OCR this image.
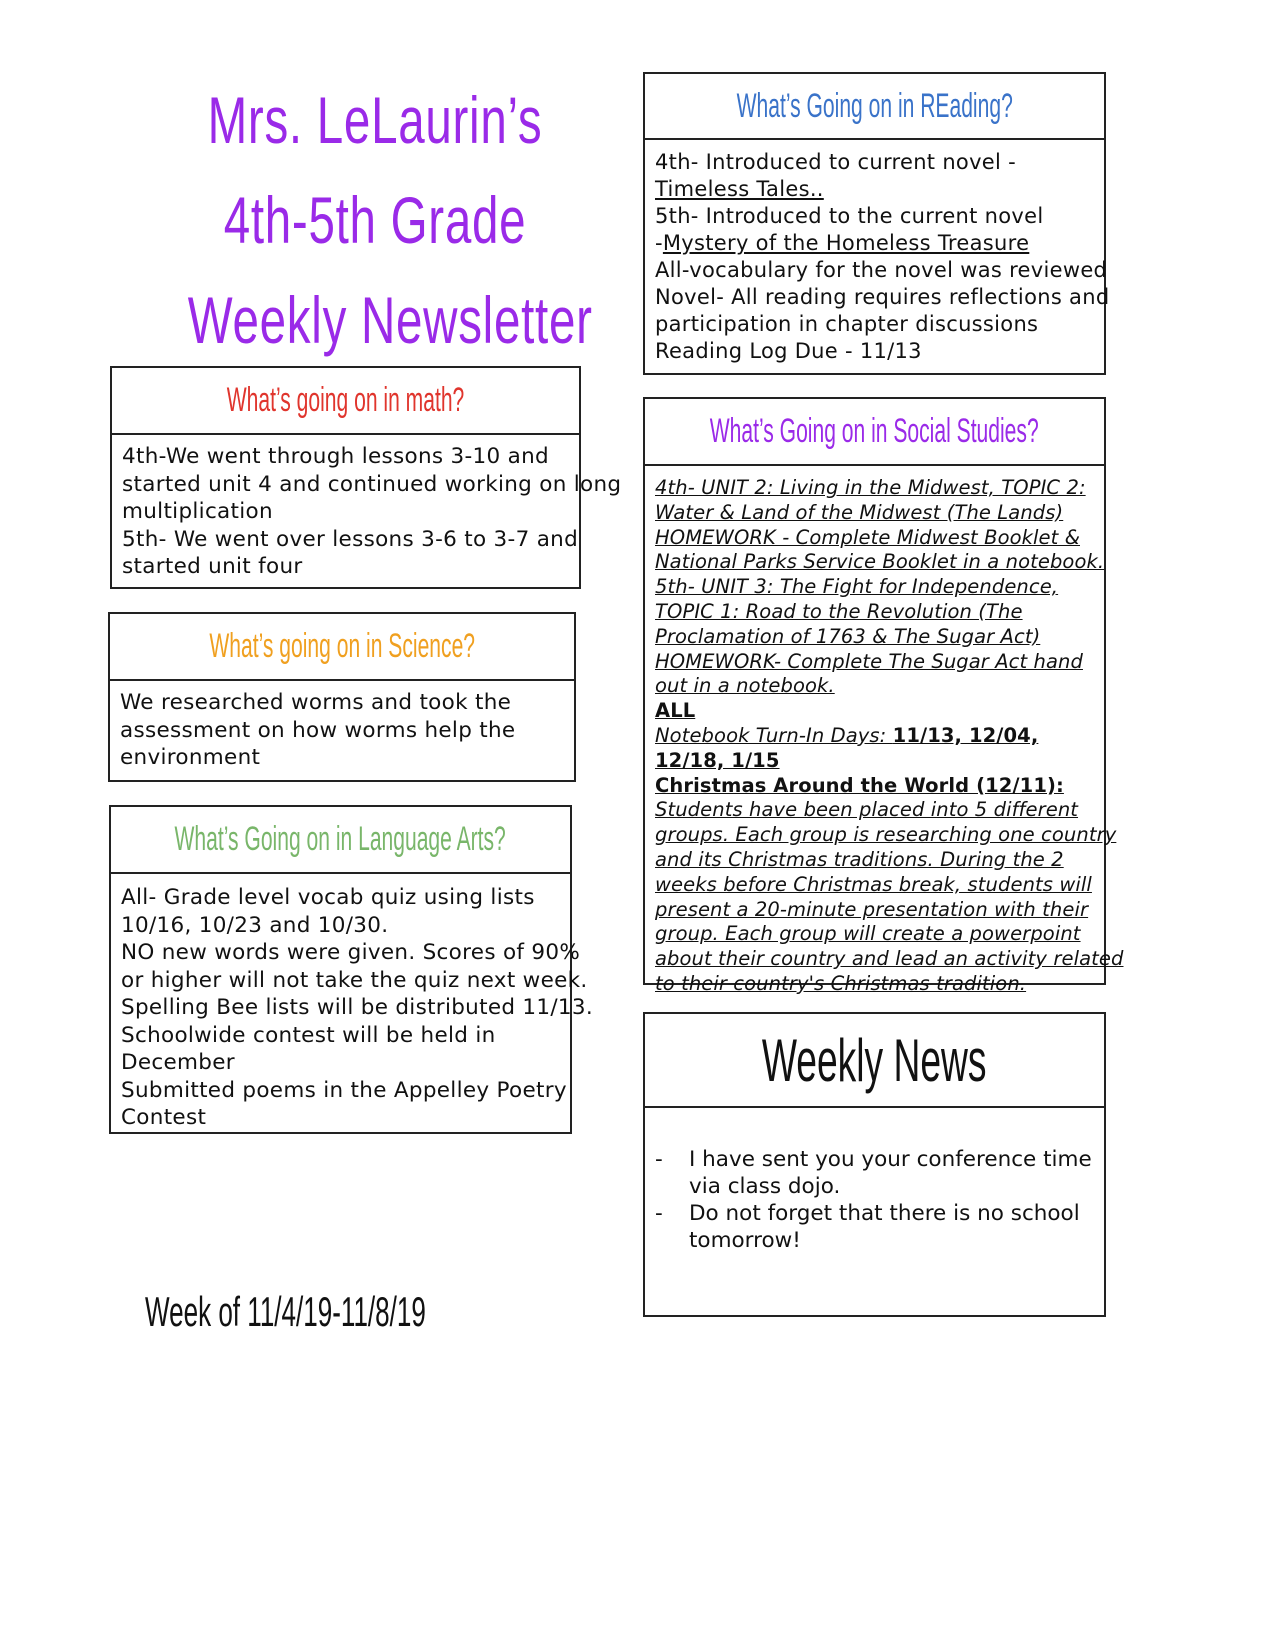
Mrs. LeLaurin’s
4th-5th Grade
Weekly Newsletter
What’s going on in math?
4th-We went through lessons 3-10 and
started unit 4 and continued working on long
multiplication
5th- We went over lessons 3-6 to 3-7 and
started unit four
What’s going on in Science?
We researched worms and took the
assessment on how worms help the
environment
What’s Going on in Language Arts?
All- Grade level vocab quiz using lists
10/16, 10/23 and 10/30.
NO new words were given. Scores of 90%
or higher will not take the quiz next week.
Spelling Bee lists will be distributed 11/13.
Schoolwide contest will be held in
December
Submitted poems in the Appelley Poetry
Contest
What’s Going on in REading?
4th- Introduced to current novel -
Timeless Tales..
5th- Introduced to the current novel
-Mystery of the Homeless Treasure
All-vocabulary for the novel was reviewed
Novel- All reading requires reflections and
participation in chapter discussions
Reading Log Due - 11/13
What’s Going on in Social Studies?
4th- UNIT 2: Living in the Midwest, TOPIC 2:
Water & Land of the Midwest (The Lands)
HOMEWORK - Complete Midwest Booklet &
National Parks Service Booklet in a notebook.
5th- UNIT 3: The Fight for Independence,
TOPIC 1: Road to the Revolution (The
Proclamation of 1763 & The Sugar Act)
HOMEWORK- Complete The Sugar Act hand
out in a notebook.
ALL
Notebook Turn-In Days: 11/13, 12/04,
12/18, 1/15
Christmas Around the World (12/11):
Students have been placed into 5 different
groups. Each group is researching one country
and its Christmas traditions. During the 2
weeks before Christmas break, students will
present a 20-minute presentation with their
group. Each group will create a powerpoint
about their country and lead an activity related
to their country's Christmas tradition.
Weekly News
-	I have sent you your conference time
via class dojo.
-	Do not forget that there is no school
tomorrow!
Week of 11/4/19-11/8/19
